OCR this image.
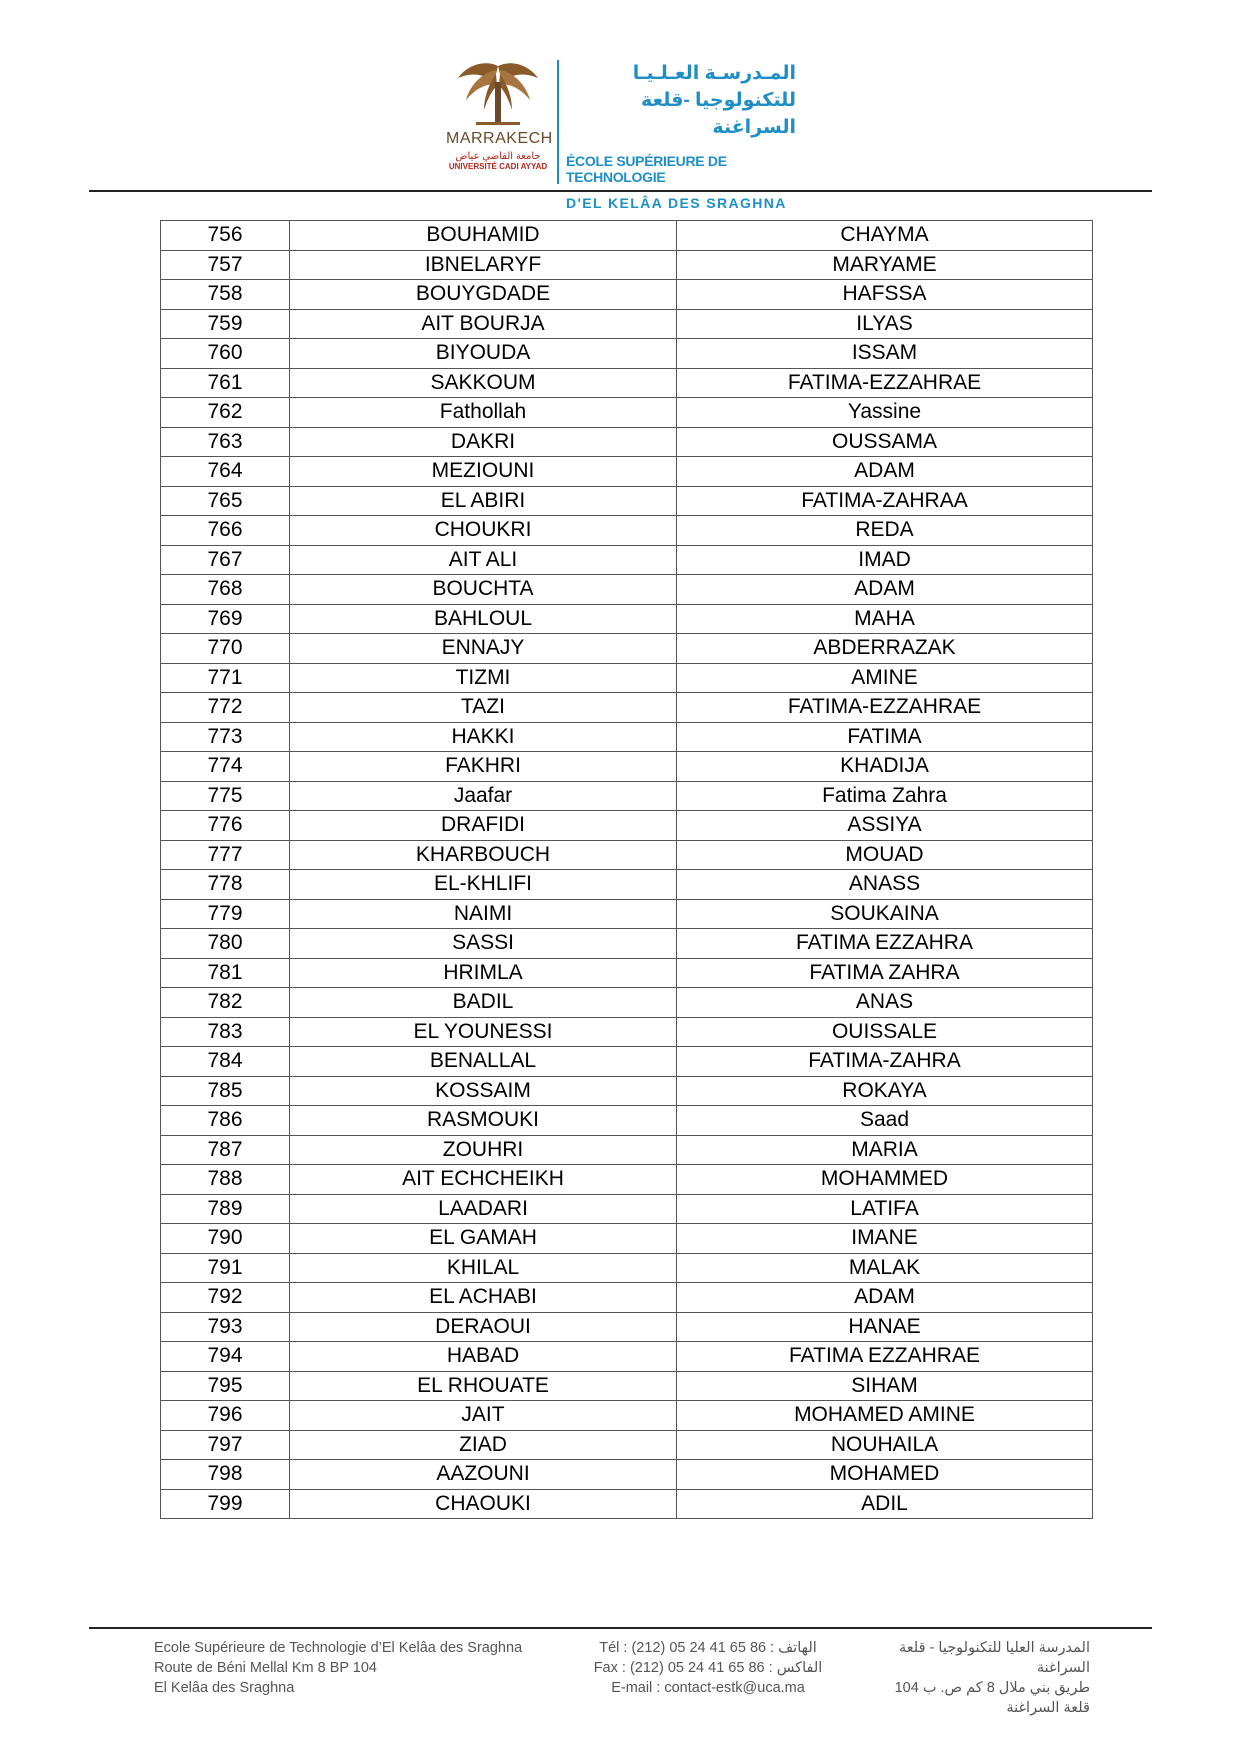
MARRAKECH
جامعة القاضي عياض
UNIVERSITÉ CADI AYYAD
المـدرسـة العـلـيـا
للتكنولوجيا -قلعة السراغنة
ÉCOLE SUPÉRIEURE DE TECHNOLOGIE
D'EL KELÂA DES SRAGHNA
756	BOUHAMID	CHAYMA
757	IBNELARYF	MARYAME
758	BOUYGDADE	HAFSSA
759	AIT BOURJA	ILYAS
760	BIYOUDA	ISSAM
761	SAKKOUM	FATIMA-EZZAHRAE
762	Fathollah	Yassine
763	DAKRI	OUSSAMA
764	MEZIOUNI	ADAM
765	EL ABIRI	FATIMA-ZAHRAA
766	CHOUKRI	REDA
767	AIT ALI	IMAD
768	BOUCHTA	ADAM
769	BAHLOUL	MAHA
770	ENNAJY	ABDERRAZAK
771	TIZMI	AMINE
772	TAZI	FATIMA-EZZAHRAE
773	HAKKI	FATIMA
774	FAKHRI	KHADIJA
775	Jaafar	Fatima Zahra
776	DRAFIDI	ASSIYA
777	KHARBOUCH	MOUAD
778	EL-KHLIFI	ANASS
779	NAIMI	SOUKAINA
780	SASSI	FATIMA EZZAHRA
781	HRIMLA	FATIMA ZAHRA
782	BADIL	ANAS
783	EL YOUNESSI	OUISSALE
784	BENALLAL	FATIMA-ZAHRA
785	KOSSAIM	ROKAYA
786	RASMOUKI	Saad
787	ZOUHRI	MARIA
788	AIT ECHCHEIKH	MOHAMMED
789	LAADARI	LATIFA
790	EL GAMAH	IMANE
791	KHILAL	MALAK
792	EL ACHABI	ADAM
793	DERAOUI	HANAE
794	HABAD	FATIMA EZZAHRAE
795	EL RHOUATE	SIHAM
796	JAIT	MOHAMED AMINE
797	ZIAD	NOUHAILA
798	AAZOUNI	MOHAMED
799	CHAOUKI	ADIL
Ecole Supérieure de Technologie d’El Kelâa des Sraghna
Route de Béni Mellal Km 8 BP 104
El Kelâa des Sraghna
Tél : (212) 05 24 41 65 86 : الهاتف
Fax : (212) 05 24 41 65 86 : الفاكس
E-mail : contact-estk@uca.ma
المدرسة العليا للتكنولوجيا - قلعة السراغنة
طريق بني ملال 8 كم ص. ب 104
قلعة السراغنة
